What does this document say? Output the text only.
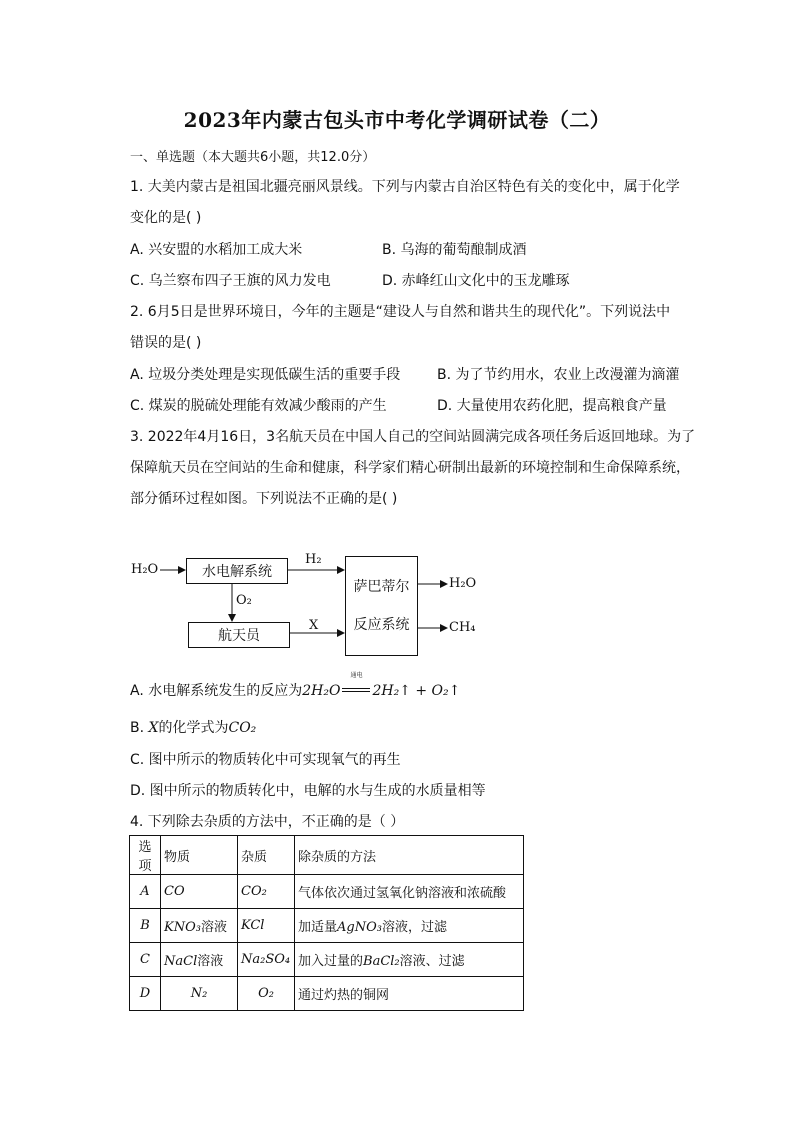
2023年内蒙古包头市中考化学调研试卷（二）
一、单选题（本大题共6小题，共12.0分）
1. 大美内蒙古是祖国北疆亮丽风景线。下列与内蒙古自治区特色有关的变化中，属于化学
变化的是( )
A. 兴安盟的水稻加工成大米	B. 乌海的葡萄酿制成酒
C. 乌兰察布四子王旗的风力发电	D. 赤峰红山文化中的玉龙雕琢
2. 6月5日是世界环境日，今年的主题是“建设人与自然和谐共生的现代化”。下列说法中
错误的是( )
A. 垃圾分类处理是实现低碳生活的重要手段	B. 为了节约用水，农业上改漫灌为滴灌
C. 煤炭的脱硫处理能有效减少酸雨的产生	D. 大量使用农药化肥，提高粮食产量
3. 2022年4月16日，3名航天员在中国人自己的空间站圆满完成各项任务后返回地球。为了
保障航天员在空间站的生命和健康，科学家们精心研制出最新的环境控制和生命保障系统，
部分循环过程如图。下列说法不正确的是( )
H₂O	水电解系统
H₂
O₂
航天员
X
萨巴蒂尔
反应系统
H₂O
CH₄
A. 水电解系统发生的反应为2H₂O
通电
2H₂↑ + O₂↑
B. X的化学式为CO₂
C. 图中所示的物质转化中可实现氧气的再生
D. 图中所示的物质转化中，电解的水与生成的水质量相等
4. 下列除去杂质的方法中，不正确的是（ ）
选项	物质	杂质	除杂质的方法
A	CO	CO₂	气体依次通过氢氧化钠溶液和浓硫酸
B	KNO₃溶液	KCl	加适量AgNO₃溶液，过滤
C	NaCl溶液	Na₂SO₄	加入过量的BaCl₂溶液、过滤
D	N₂	O₂	通过灼热的铜网
